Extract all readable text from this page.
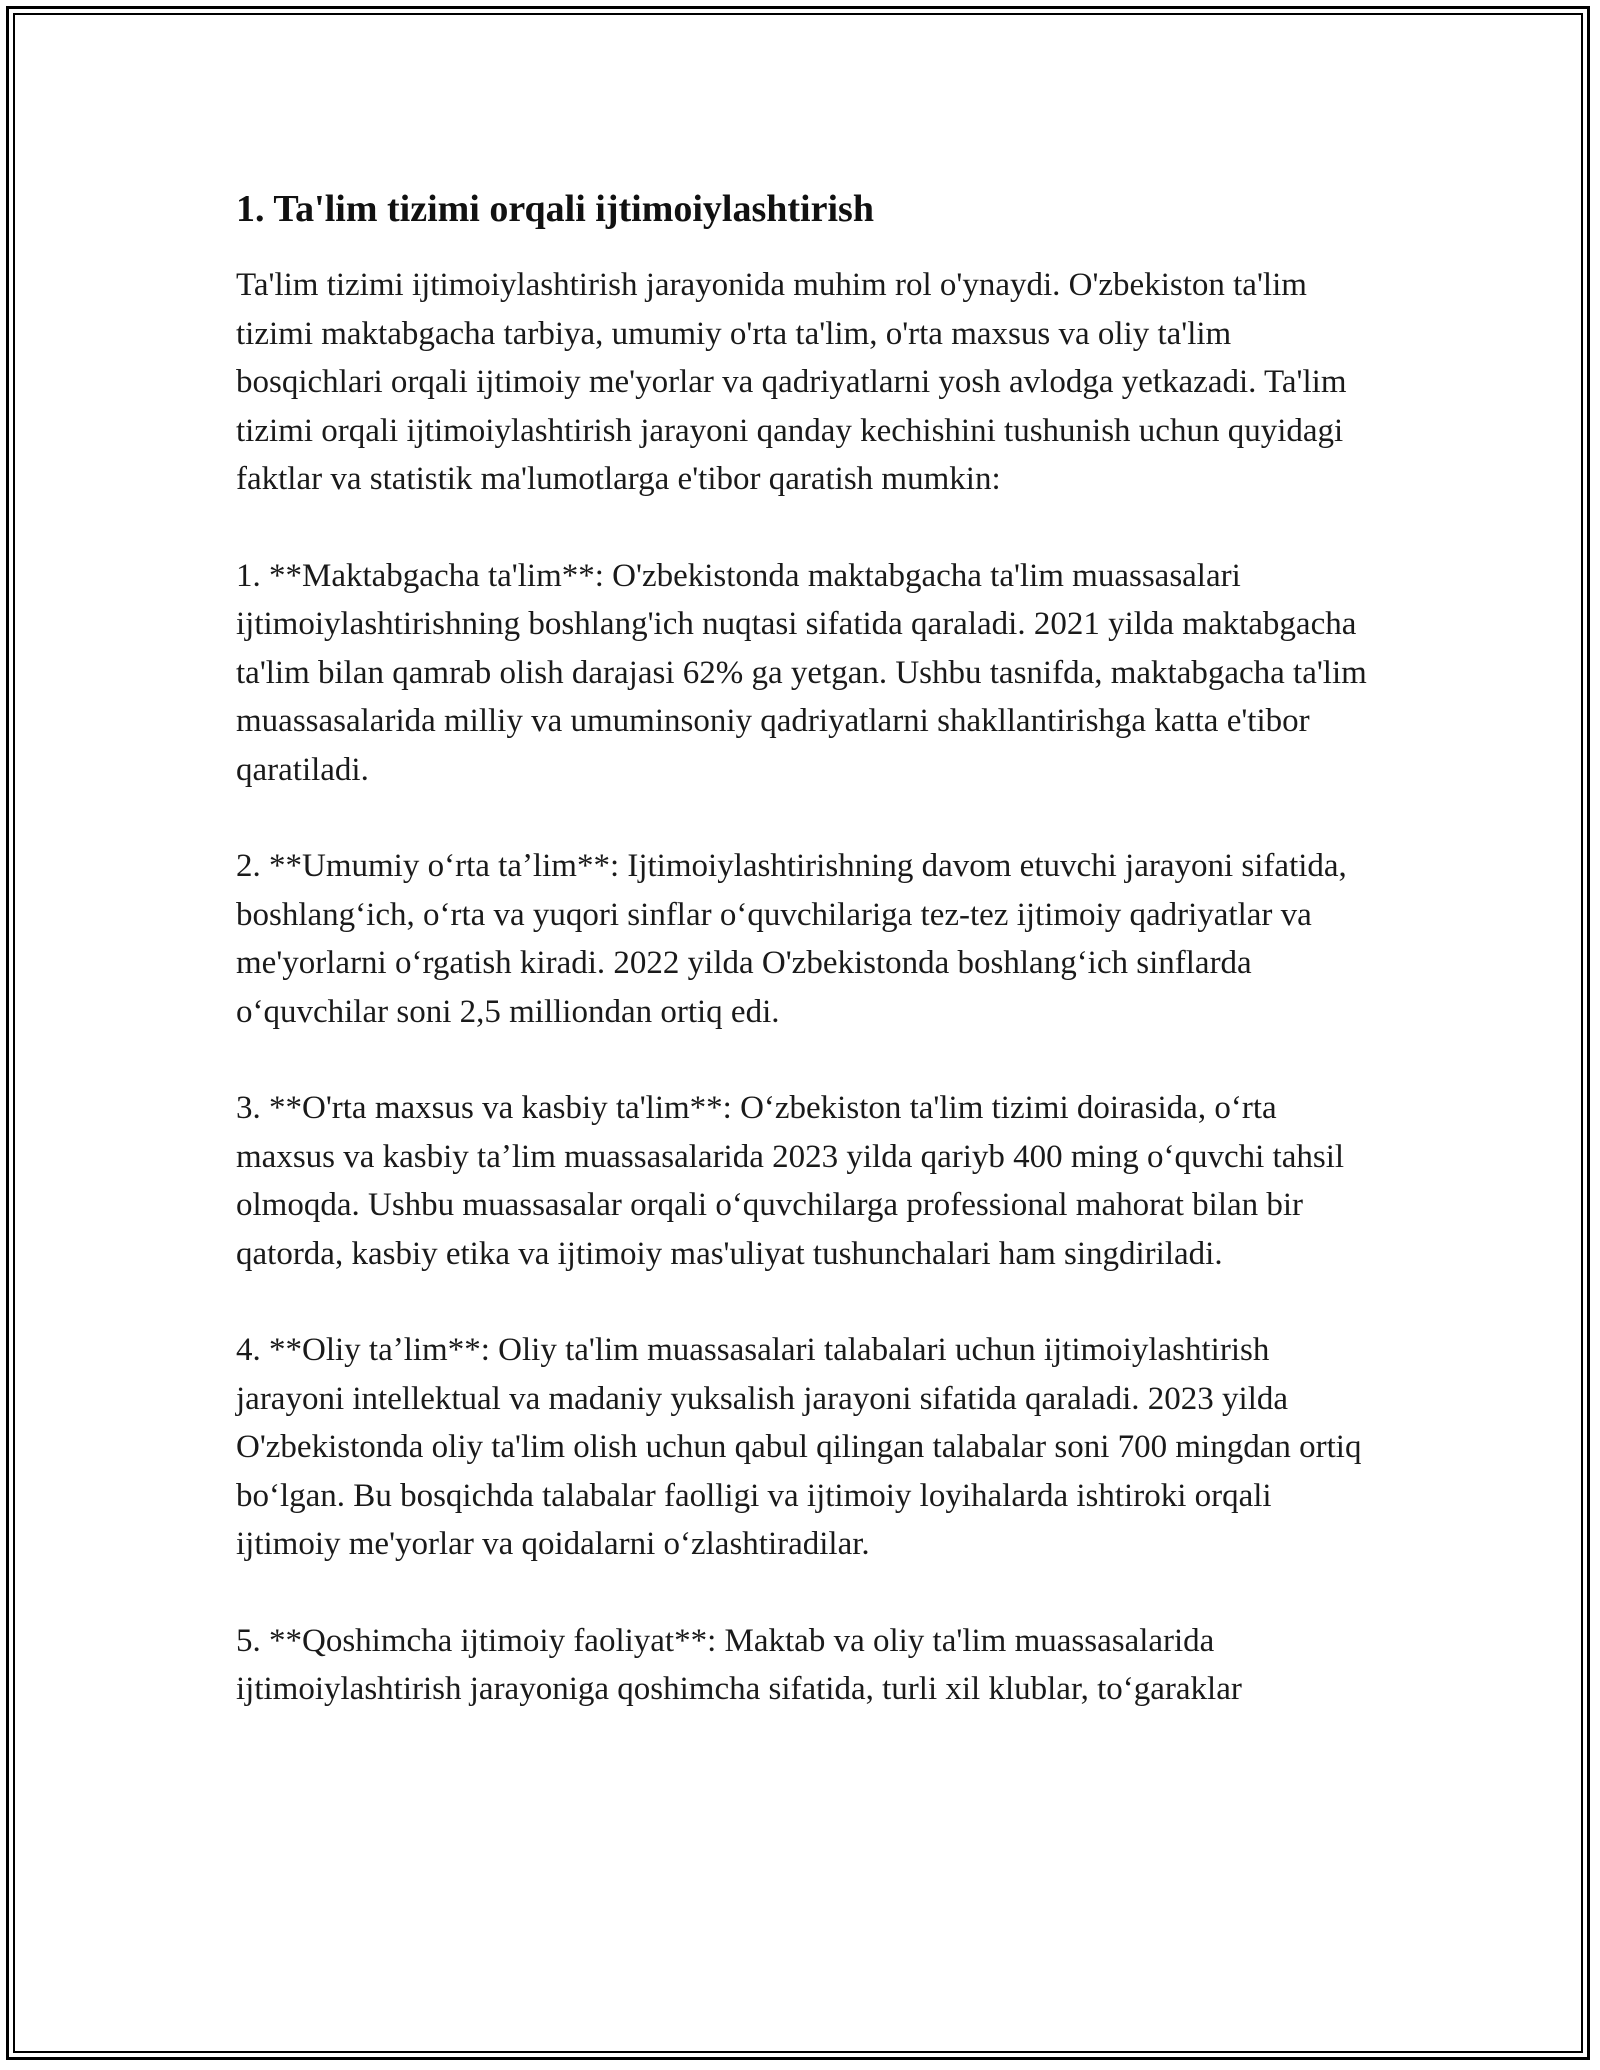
1. Ta'lim tizimi orqali ijtimoiylashtirish

Ta'lim tizimi ijtimoiylashtirish jarayonida muhim rol o'ynaydi. O'zbekiston ta'lim tizimi maktabgacha tarbiya, umumiy o'rta ta'lim, o'rta maxsus va oliy ta'lim bosqichlari orqali ijtimoiy me'yorlar va qadriyatlarni yosh avlodga yetkazadi. Ta'lim tizimi orqali ijtimoiylashtirish jarayoni qanday kechishini tushunish uchun quyidagi faktlar va statistik ma'lumotlarga e'tibor qaratish mumkin:

1. **Maktabgacha ta'lim**: O'zbekistonda maktabgacha ta'lim muassasalari ijtimoiylashtirishning boshlang'ich nuqtasi sifatida qaraladi. 2021 yilda maktabgacha ta'lim bilan qamrab olish darajasi 62% ga yetgan. Ushbu tasnifda, maktabgacha ta'lim muassasalarida milliy va umuminsoniy qadriyatlarni shakllantirishga katta e'tibor qaratiladi.

2. **Umumiy oʻrta taʼlim**: Ijtimoiylashtirishning davom etuvchi jarayoni sifatida, boshlangʻich, oʻrta va yuqori sinflar oʻquvchilariga tez-tez ijtimoiy qadriyatlar va me'yorlarni oʻrgatish kiradi. 2022 yilda O'zbekistonda boshlangʻich sinflarda oʻquvchilar soni 2,5 milliondan ortiq edi.

3. **O'rta maxsus va kasbiy ta'lim**: Oʻzbekiston ta'lim tizimi doirasida, oʻrta maxsus va kasbiy taʼlim muassasalarida 2023 yilda qariyb 400 ming oʻquvchi tahsil olmoqda. Ushbu muassasalar orqali oʻquvchilarga professional mahorat bilan bir qatorda, kasbiy etika va ijtimoiy mas'uliyat tushunchalari ham singdiriladi.

4. **Oliy taʼlim**: Oliy ta'lim muassasalari talabalari uchun ijtimoiylashtirish jarayoni intellektual va madaniy yuksalish jarayoni sifatida qaraladi. 2023 yilda O'zbekistonda oliy ta'lim olish uchun qabul qilingan talabalar soni 700 mingdan ortiq boʻlgan. Bu bosqichda talabalar faolligi va ijtimoiy loyihalarda ishtiroki orqali ijtimoiy me'yorlar va qoidalarni oʻzlashtiradilar.

5. **Qoshimcha ijtimoiy faoliyat**: Maktab va oliy ta'lim muassasalarida ijtimoiylashtirish jarayoniga qoshimcha sifatida, turli xil klublar, toʻgaraklar
